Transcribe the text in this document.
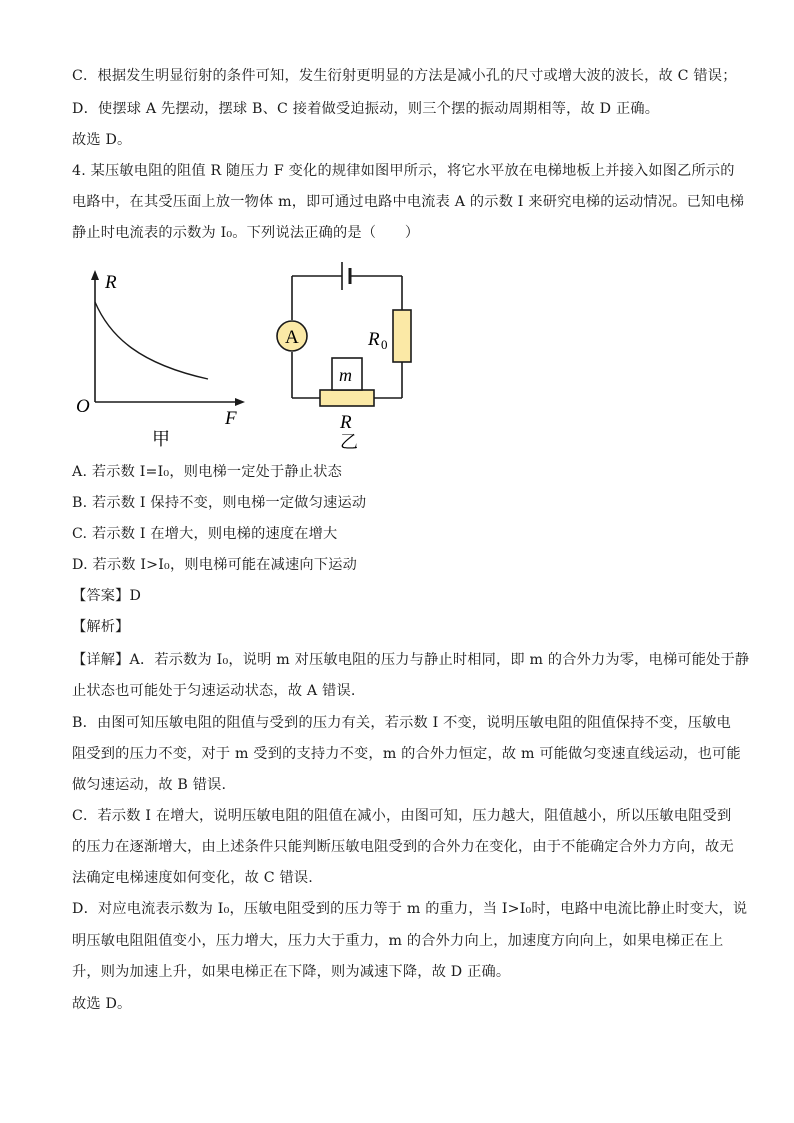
C．根据发生明显衍射的条件可知，发生衍射更明显的方法是减小孔的尺寸或增大波的波长，故 C 错误；
D．使摆球 A 先摆动，摆球 B、C 接着做受迫振动，则三个摆的振动周期相等，故 D 正确。
故选 D。
4. 某压敏电阻的阻值 R 随压力 F 变化的规律如图甲所示，将它水平放在电梯地板上并接入如图乙所示的
电路中，在其受压面上放一物体 m，即可通过电路中电流表 A 的示数 I 来研究电梯的运动情况。已知电梯
静止时电流表的示数为 I₀。下列说法正确的是（　　）
R
O
F
甲
A	R 0
m
R
乙
A. 若示数 I=I₀，则电梯一定处于静止状态
B. 若示数 I 保持不变，则电梯一定做匀速运动
C. 若示数 I 在增大，则电梯的速度在增大
D. 若示数 I>I₀，则电梯可能在减速向下运动
【答案】D
【解析】
【详解】A．若示数为 I₀，说明 m 对压敏电阻的压力与静止时相同，即 m 的合外力为零，电梯可能处于静
止状态也可能处于匀速运动状态，故 A 错误.
B．由图可知压敏电阻的阻值与受到的压力有关，若示数 I 不变，说明压敏电阻的阻值保持不变，压敏电
阻受到的压力不变，对于 m 受到的支持力不变，m 的合外力恒定，故 m 可能做匀变速直线运动，也可能
做匀速运动，故 B 错误.
C．若示数 I 在增大，说明压敏电阻的阻值在减小，由图可知，压力越大，阻值越小，所以压敏电阻受到
的压力在逐渐增大，由上述条件只能判断压敏电阻受到的合外力在变化，由于不能确定合外力方向，故无
法确定电梯速度如何变化，故 C 错误.
D．对应电流表示数为 I₀，压敏电阻受到的压力等于 m 的重力，当 I>I₀时，电路中电流比静止时变大，说
明压敏电阻阻值变小，压力增大，压力大于重力，m 的合外力向上，加速度方向向上，如果电梯正在上
升，则为加速上升，如果电梯正在下降，则为减速下降，故 D 正确。
故选 D。
